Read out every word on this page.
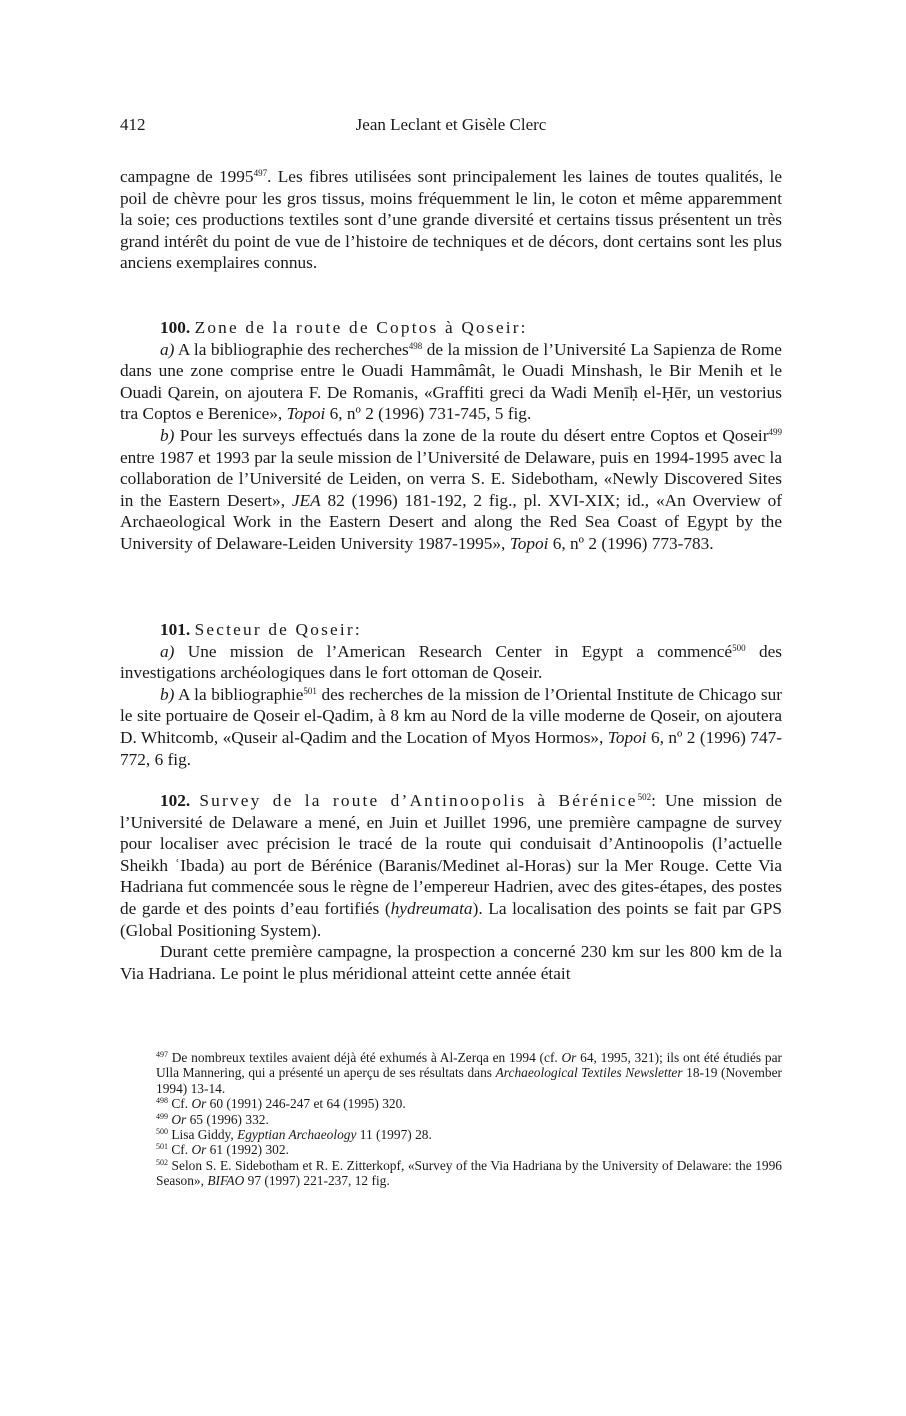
412	Jean Leclant et Gisèle Clerc

campagne de 1995$^{497}$. Les fibres utilisées sont principalement les laines de toutes qualités, le poil de chèvre pour les gros tissus, moins fréquemment le lin, le coton et même apparemment la soie; ces productions textiles sont d’une grande diversité et certains tissus présentent un très grand intérêt du point de vue de l’histoire de techniques et de décors, dont certains sont les plus anciens exemplaires connus.

100. Zone de la route de Coptos à Qoseir:

a) A la bibliographie des recherches$^{498}$ de la mission de l’Université La Sapienza de Rome dans une zone comprise entre le Ouadi Hammâmât, le Ouadi Minshash, le Bir Menih et le Ouadi Qarein, on ajoutera F. De Romanis, «Graffiti greci da Wadi Menīḥ el-Ḥēr, un vestorius tra Coptos e Berenice», Topoi 6, nº 2 (1996) 731-745, 5 fig.

b) Pour les surveys effectués dans la zone de la route du désert entre Coptos et Qoseir$^{499}$ entre 1987 et 1993 par la seule mission de l’Université de Delaware, puis en 1994-1995 avec la collaboration de l’Université de Leiden, on verra S. E. Sidebotham, «Newly Discovered Sites in the Eastern Desert», JEA 82 (1996) 181-192, 2 fig., pl. XVI-XIX; id., «An Overview of Archaeological Work in the Eastern Desert and along the Red Sea Coast of Egypt by the University of Delaware-Leiden University 1987-1995», Topoi 6, nº 2 (1996) 773-783.

101. Secteur de Qoseir:

a) Une mission de l’American Research Center in Egypt a commencé$^{500}$ des investigations archéologiques dans le fort ottoman de Qoseir.

b) A la bibliographie$^{501}$ des recherches de la mission de l’Oriental Institute de Chicago sur le site portuaire de Qoseir el-Qadim, à 8 km au Nord de la ville moderne de Qoseir, on ajoutera D. Whitcomb, «Quseir al-Qadim and the Location of Myos Hormos», Topoi 6, nº 2 (1996) 747-772, 6 fig.

102. Survey de la route d’Antinoopolis à Bérénice$^{502}$: Une mission de l’Université de Delaware a mené, en Juin et Juillet 1996, une première campagne de survey pour localiser avec précision le tracé de la route qui conduisait d’Antinoopolis (l’actuelle Sheikh ʿIbada) au port de Bérénice (Baranis/Medinet al-Horas) sur la Mer Rouge. Cette Via Hadriana fut commencée sous le règne de l’empereur Hadrien, avec des gites-étapes, des postes de garde et des points d’eau fortifiés (hydreumata). La localisation des points se fait par GPS (Global Positioning System).

Durant cette première campagne, la prospection a concerné 230 km sur les 800 km de la Via Hadriana. Le point le plus méridional atteint cette année était

$^{497}$ De nombreux textiles avaient déjà été exhumés à Al-Zerqa en 1994 (cf. Or 64, 1995, 321); ils ont été étudiés par Ulla Mannering, qui a présenté un aperçu de ses résultats dans Archaeological Textiles Newsletter 18-19 (November 1994) 13-14.

$^{498}$ Cf. Or 60 (1991) 246-247 et 64 (1995) 320.

$^{499}$ Or 65 (1996) 332.

$^{500}$ Lisa Giddy, Egyptian Archaeology 11 (1997) 28.

$^{501}$ Cf. Or 61 (1992) 302.

$^{502}$ Selon S. E. Sidebotham et R. E. Zitterkopf, «Survey of the Via Hadriana by the University of Delaware: the 1996 Season», BIFAO 97 (1997) 221-237, 12 fig.
